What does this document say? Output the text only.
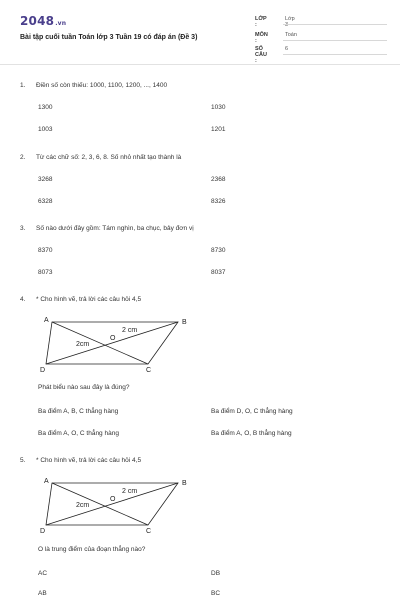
2048.vn
Bài tập cuối tuần Toán lớp 3 Tuần 19 có đáp án (Đề 3)
LỚP :
Lớp 3
MÔN :
Toán
SỐ CÂU :
6
1. Điền số còn thiếu: 1000, 1100, 1200, ..., 1400
1300	1030
1003	1201
2. Từ các chữ số: 2, 3, 6, 8. Số nhỏ nhất tạo thành là
3268	2368
6328	8326
3. Số nào dưới đây gồm: Tám nghìn, ba chục, bảy đơn vị
8370	8730
8073	8037
4. * Cho hình vẽ, trả lời các câu hỏi 4,5
A	B
C
D
O
2 cm
2cm
Phát biểu nào sau đây là đúng?
Ba điểm A, B, C thẳng hàng	Ba điểm D, O, C thẳng hàng
Ba điểm A, O, C thẳng hàng	Ba điểm A, O, B thẳng hàng
5. * Cho hình vẽ, trả lời các câu hỏi 4,5
A	B
C
D
O
2 cm
2cm
O là trung điểm của đoạn thẳng nào?
AC	DB
AB	BC
